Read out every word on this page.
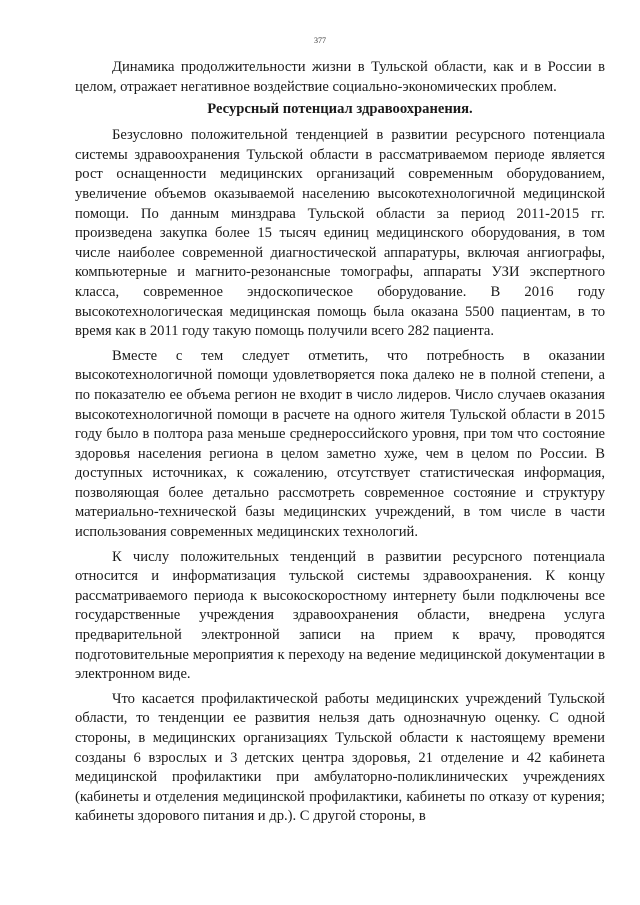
377

Динамика продолжительности жизни в Тульской области, как и в России в целом, отражает негативное воздействие социально-экономических проблем.

Ресурсный потенциал здравоохранения.

Безусловно положительной тенденцией в развитии ресурсного потенциала системы здравоохранения Тульской области в рассматриваемом периоде является рост оснащенности медицинских организаций современным оборудованием, увеличение объемов оказываемой населению высокотехнологичной медицинской помощи. По данным минздрава Тульской области за период 2011-2015 гг. произведена закупка более 15 тысяч единиц медицинского оборудования, в том числе наиболее современной диагностической аппаратуры, включая ангиографы, компьютерные и магнито-резонансные томографы, аппараты УЗИ экспертного класса, современное эндоскопическое оборудование. В 2016 году высокотехнологическая медицинская помощь была оказана 5500 пациентам, в то время как в 2011 году такую помощь получили всего 282 пациента.

Вместе с тем следует отметить, что потребность в оказании высокотехнологичной помощи удовлетворяется пока далеко не в полной степени, а по показателю ее объема регион не входит в число лидеров. Число случаев оказания высокотехнологичной помощи в расчете на одного жителя Тульской области в 2015 году было в полтора раза меньше среднероссийского уровня, при том что состояние здоровья населения региона в целом заметно хуже, чем в целом по России. В доступных источниках, к сожалению, отсутствует статистическая информация, позволяющая более детально рассмотреть современное состояние и структуру материально-технической базы медицинских учреждений, в том числе в части использования современных медицинских технологий.

К числу положительных тенденций в развитии ресурсного потенциала относится и информатизация тульской системы здравоохранения. К концу рассматриваемого периода к высокоскоростному интернету были подключены все государственные учреждения здравоохранения области, внедрена услуга предварительной электронной записи на прием к врачу, проводятся подготовительные мероприятия к переходу на ведение медицинской документации в электронном виде.

Что касается профилактической работы медицинских учреждений Тульской области, то тенденции ее развития нельзя дать однозначную оценку. С одной стороны, в медицинских организациях Тульской области к настоящему времени созданы 6 взрослых и 3 детских центра здоровья, 21 отделение и 42 кабинета медицинской профилактики при амбулаторно-поликлинических учреждениях (кабинеты и отделения медицинской профилактики, кабинеты по отказу от курения; кабинеты здорового питания и др.). С другой стороны, в
